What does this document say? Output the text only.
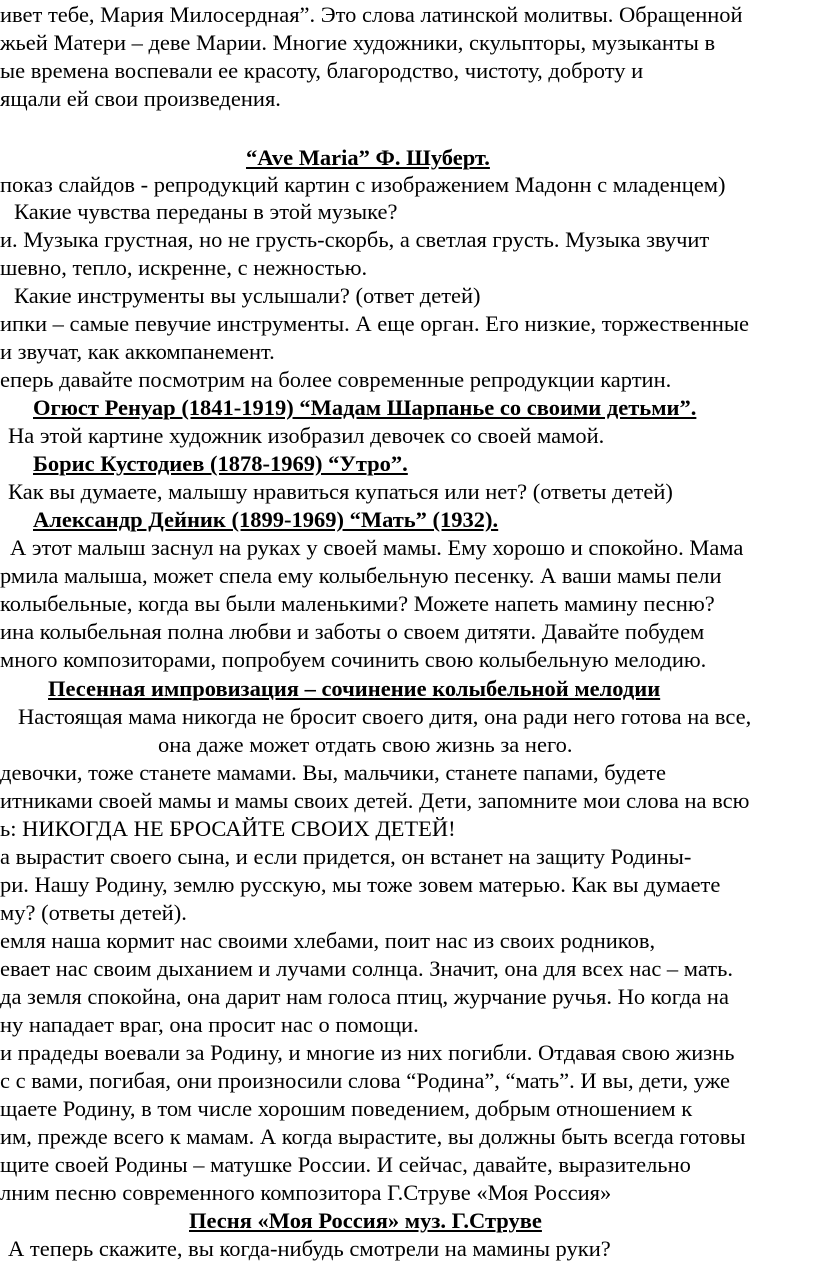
ивет тебе, Мария Милосердная”. Это слова латинской молитвы. Обращенной
жьей Матери – деве Марии. Многие художники, скульпторы, музыканты в
ые времена воспевали ее красоту, благородство, чистоту, доброту и
ящали ей свои произведения.
“Ave Maria” Ф. Шуберт.
показ слайдов - репродукций картин с изображением Мадонн с младенцем)
Какие чувства переданы в этой музыке?
и. Музыка грустная, но не грусть-скорбь, а светлая грусть. Музыка звучит
шевно, тепло, искренне, с нежностью.
Какие инструменты вы услышали? (ответ детей)
ипки – самые певучие инструменты. А еще орган. Его низкие, торжественные
и звучат, как аккомпанемент.
еперь давайте посмотрим на более современные репродукции картин.
Огюст Ренуар (1841-1919) “Мадам Шарпанье со своими детьми”.
На этой картине художник изобразил девочек со своей мамой.
Борис Кустодиев (1878-1969) “Утро”.
Как вы думаете, малышу нравиться купаться или нет? (ответы детей)
Александр Дейник (1899-1969) “Мать” (1932).
А этот малыш заснул на руках у своей мамы. Ему хорошо и спокойно. Мама
рмила малыша, может спела ему колыбельную песенку. А ваши мамы пели
колыбельные, когда вы были маленькими? Можете напеть мамину песню?
ина колыбельная полна любви и заботы о своем дитяти. Давайте побудем
много композиторами, попробуем сочинить свою колыбельную мелодию.
Песенная импровизация – сочинение колыбельной мелодии
Настоящая мама никогда не бросит своего дитя, она ради него готова на все,
она даже может отдать свою жизнь за него.
девочки, тоже станете мамами. Вы, мальчики, станете папами, будете
итниками своей мамы и мамы своих детей. Дети, запомните мои слова на всю
ь: НИКОГДА НЕ БРОСАЙТЕ СВОИХ ДЕТЕЙ!
а вырастит своего сына, и если придется, он встанет на защиту Родины-
ри. Нашу Родину, землю русскую, мы тоже зовем матерью. Как вы думаете
му? (ответы детей).
емля наша кормит нас своими хлебами, поит нас из своих родников,
евает нас своим дыханием и лучами солнца. Значит, она для всех нас – мать.
да земля спокойна, она дарит нам голоса птиц, журчание ручья. Но когда на
ну нападает враг, она просит нас о помощи.
и прадеды воевали за Родину, и многие из них погибли. Отдавая свою жизнь
с с вами, погибая, они произносили слова “Родина”, “мать”. И вы, дети, уже
щаете Родину, в том числе хорошим поведением, добрым отношением к
им, прежде всего к мамам. А когда вырастите, вы должны быть всегда готовы
щите своей Родины – матушке России. И сейчас, давайте, выразительно
лним песню современного композитора Г.Струве «Моя Россия»
Песня «Моя Россия» муз. Г.Струве
А теперь скажите, вы когда-нибудь смотрели на мамины руки?
